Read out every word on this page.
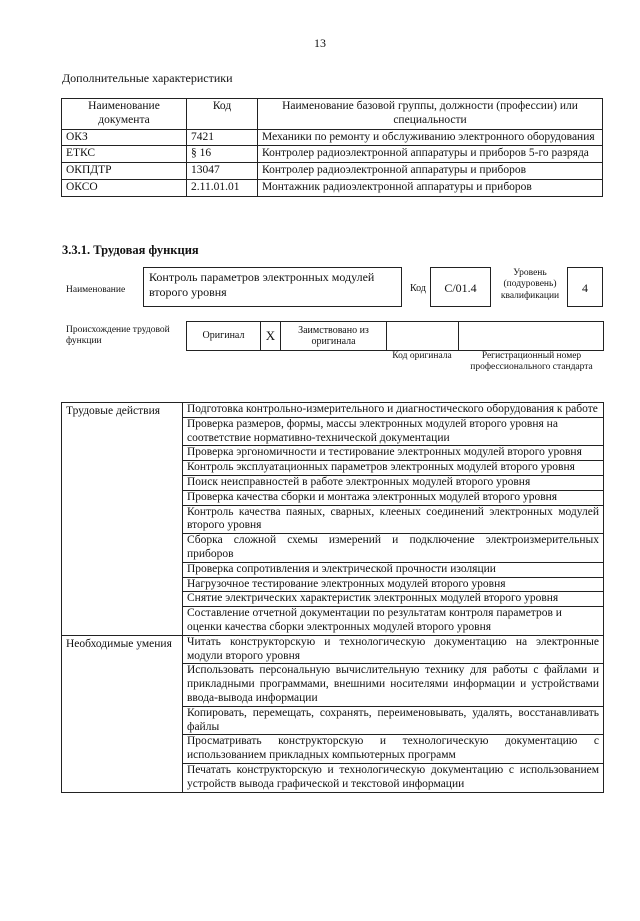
13
Дополнительные характеристики
Наименование документа	Код	Наименование базовой группы, должности (профессии) или специальности
ОКЗ	7421	Механики по ремонту и обслуживанию электронного оборудования
ЕТКС	§ 16	Контролер радиоэлектронной аппаратуры и приборов 5-го разряда
ОКПДТР	13047	Контролер радиоэлектронной аппаратуры и приборов
ОКСО	2.11.01.01	Монтажник радиоэлектронной аппаратуры и приборов
3.3.1. Трудовая функция
Наименование
Контроль параметров электронных модулей второго уровня	Код	С/01.4
Уровень (подуровень) квалификации
4
Происхождение трудовой функции
Оригинал	X	Заимствовано из оригинала
Код оригинала	Регистрационный номер профессионального стандарта
Трудовые действия	Подготовка контрольно-измерительного и диагностического оборудования к работе
	Проверка размеров, формы, массы электронных модулей второго уровня на соответствие нормативно-технической документации
	Проверка эргономичности и тестирование электронных модулей второго уровня
	Контроль эксплуатационных параметров электронных модулей второго уровня
	Поиск неисправностей в работе электронных модулей второго уровня
	Проверка качества сборки и монтажа электронных модулей второго уровня
	Контроль качества паяных, сварных, клееных соединений электронных модулей второго уровня
	Сборка сложной схемы измерений и подключение электроизмерительных приборов
	Проверка сопротивления и электрической прочности изоляции
	Нагрузочное тестирование электронных модулей второго уровня
	Снятие электрических характеристик электронных модулей второго уровня
	Составление отчетной документации по результатам контроля параметров и оценки качества сборки электронных модулей второго уровня
Необходимые умения	Читать конструкторскую и технологическую документацию на электронные модули второго уровня
	Использовать персональную вычислительную технику для работы с файлами и прикладными программами, внешними носителями информации и устройствами ввода-вывода информации
	Копировать, перемещать, сохранять, переименовывать, удалять, восстанавливать файлы
	Просматривать конструкторскую и технологическую документацию с использованием прикладных компьютерных программ
	Печатать конструкторскую и технологическую документацию с использованием устройств вывода графической и текстовой информации
